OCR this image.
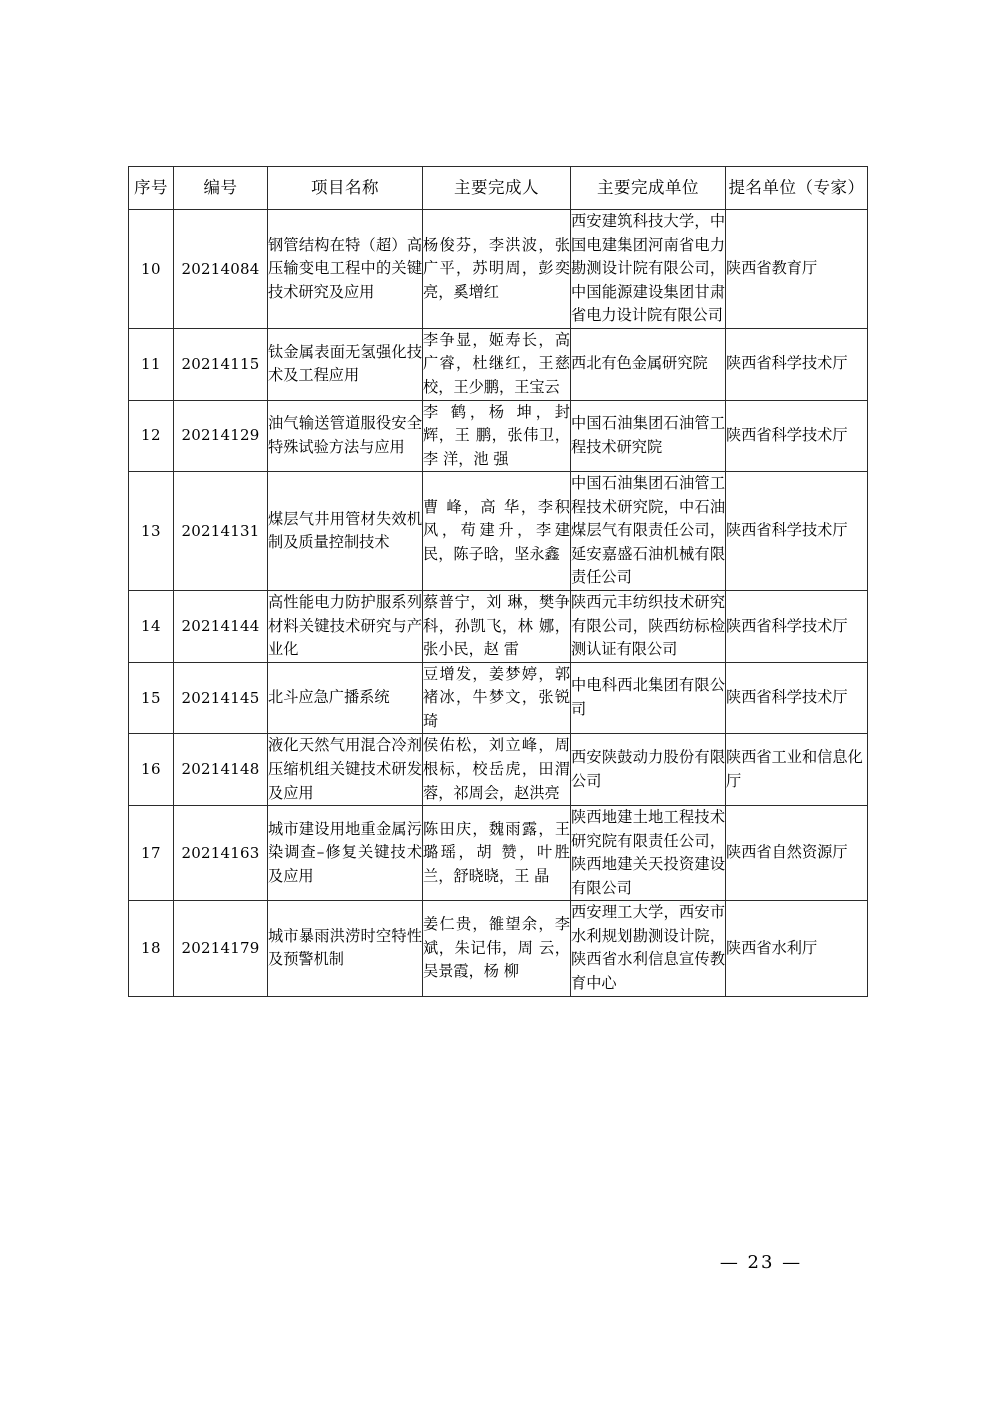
序号	编号	项目名称	主要完成人	主要完成单位	提名单位（专家）

10	20214084	钢管结构在特（超）高压输变电工程中的关键技术研究及应用	杨俊芬，李洪波，张广平，苏明周，彭奕亮，奚增红	西安建筑科技大学，中国电建集团河南省电力勘测设计院有限公司，中国能源建设集团甘肃省电力设计院有限公司	陕西省教育厅
11	20214115	钛金属表面无氢强化技术及工程应用	李争显，姬寿长，高广睿，杜继红，王慈校，王少鹏，王宝云	西北有色金属研究院	陕西省科学技术厅
12	20214129	油气输送管道服役安全特殊试验方法与应用	李 鹤，杨 坤，封 辉，王 鹏，张伟卫，李 洋，池 强	中国石油集团石油管工程技术研究院	陕西省科学技术厅
13	20214131	煤层气井用管材失效机制及质量控制技术	曹 峰，高 华，李积风，苟建升，李建民，陈子晗，坚永鑫	中国石油集团石油管工程技术研究院，中石油煤层气有限责任公司，延安嘉盛石油机械有限责任公司	陕西省科学技术厅
14	20214144	高性能电力防护服系列材料关键技术研究与产业化	蔡普宁，刘 琳，樊争科，孙凯飞，林 娜，张小民，赵 雷	陕西元丰纺织技术研究有限公司，陕西纺标检测认证有限公司	陕西省科学技术厅
15	20214145	北斗应急广播系统	豆增发，姜梦婷，郭褚冰，牛梦文，张锐琦	中电科西北集团有限公司	陕西省科学技术厅
16	20214148	液化天然气用混合冷剂压缩机组关键技术研发及应用	侯佑松，刘立峰，周根标，校岳虎，田渭蓉，祁周会，赵洪亮	西安陕鼓动力股份有限公司	陕西省工业和信息化厅
17	20214163	城市建设用地重金属污染调查–修复关键技术及应用	陈田庆，魏雨露，王璐瑶，胡 赞，叶胜兰，舒晓晓，王 晶	陕西地建土地工程技术研究院有限责任公司，陕西地建关天投资建设有限公司	陕西省自然资源厅
18	20214179	城市暴雨洪涝时空特性及预警机制	姜仁贵，雒望余，李 斌，朱记伟，周 云，吴景霞，杨 柳	西安理工大学，西安市水利规划勘测设计院，陕西省水利信息宣传教育中心	陕西省水利厅
— 23 —
